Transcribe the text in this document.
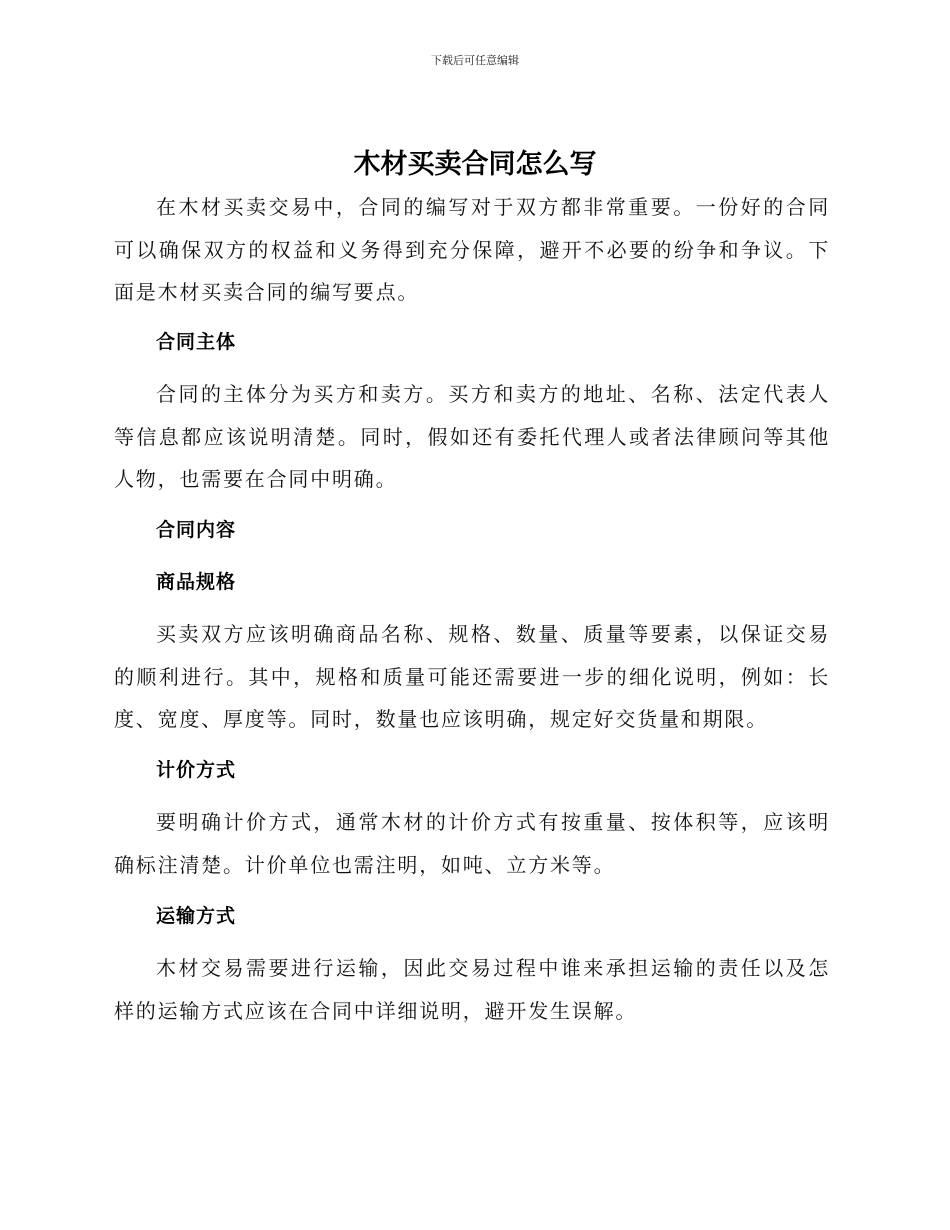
下载后可任意编辑
木材买卖合同怎么写

在木材买卖交易中，合同的编写对于双方都非常重要。一份好的合同可以确保双方的权益和义务得到充分保障，避开不必要的纷争和争议。下面是木材买卖合同的编写要点。

合同主体

合同的主体分为买方和卖方。买方和卖方的地址、名称、法定代表人等信息都应该说明清楚。同时，假如还有委托代理人或者法律顾问等其他人物，也需要在合同中明确。

合同内容
商品规格

买卖双方应该明确商品名称、规格、数量、质量等要素，以保证交易的顺利进行。其中，规格和质量可能还需要进一步的细化说明，例如：长度、宽度、厚度等。同时，数量也应该明确，规定好交货量和期限。

计价方式

要明确计价方式，通常木材的计价方式有按重量、按体积等，应该明确标注清楚。计价单位也需注明，如吨、立方米等。

运输方式

木材交易需要进行运输，因此交易过程中谁来承担运输的责任以及怎样的运输方式应该在合同中详细说明，避开发生误解。
